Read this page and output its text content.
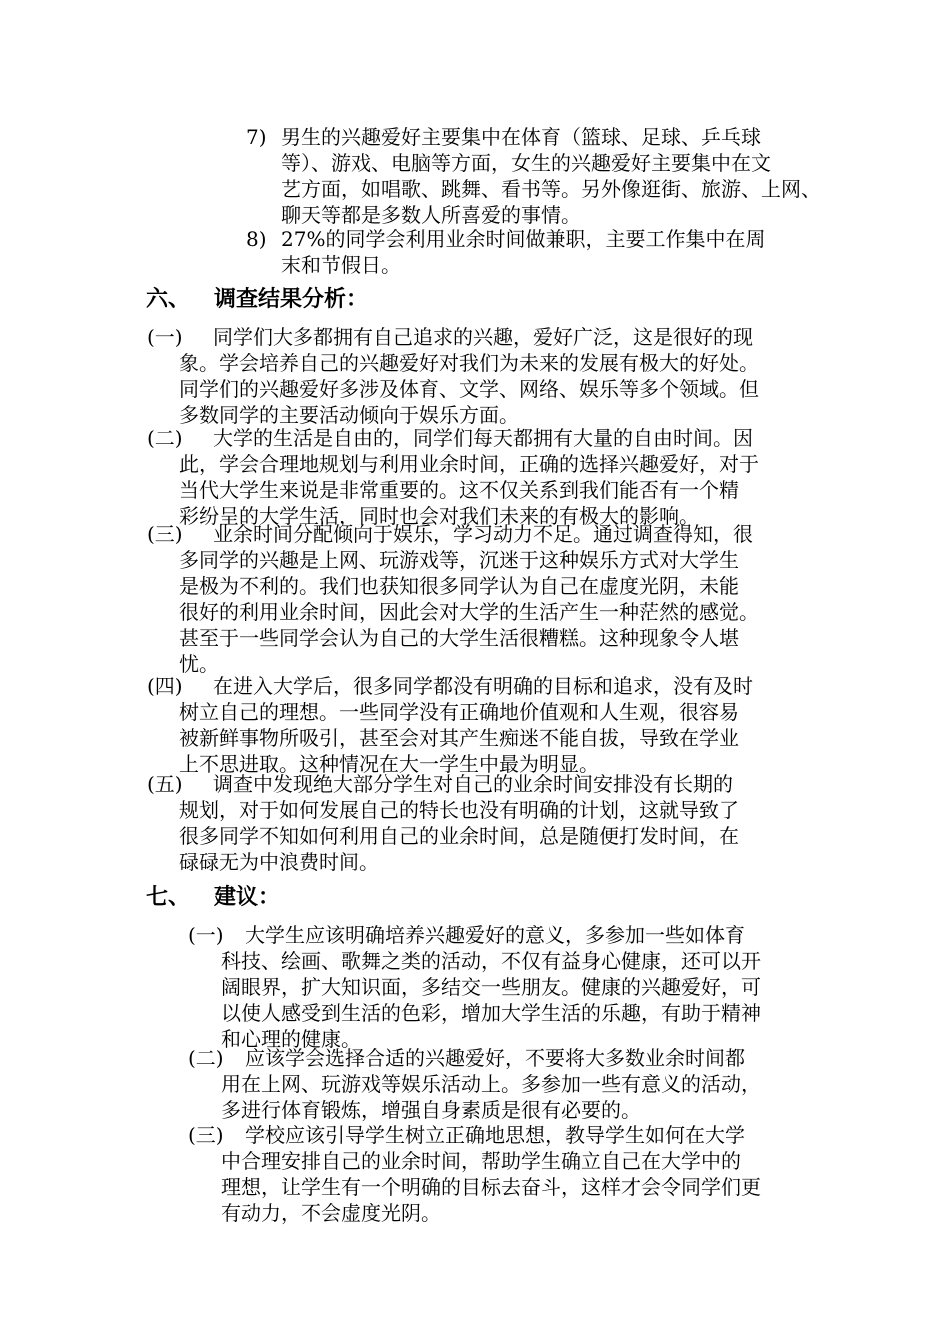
7) 男生的兴趣爱好主要集中在体育（篮球、足球、乒乓球
等）、游戏、电脑等方面，女生的兴趣爱好主要集中在文
艺方面，如唱歌、跳舞、看书等。另外像逛街、旅游、上网、
聊天等都是多数人所喜爱的事情。
8) 27%的同学会利用业余时间做兼职，主要工作集中在周
末和节假日。
六、 调查结果分析：
(一) 同学们大多都拥有自己追求的兴趣，爱好广泛，这是很好的现
象。学会培养自己的兴趣爱好对我们为未来的发展有极大的好处。
同学们的兴趣爱好多涉及体育、文学、网络、娱乐等多个领域。但
多数同学的主要活动倾向于娱乐方面。
(二) 大学的生活是自由的，同学们每天都拥有大量的自由时间。因
此，学会合理地规划与利用业余时间，正确的选择兴趣爱好，对于
当代大学生来说是非常重要的。这不仅关系到我们能否有一个精
彩纷呈的大学生活，同时也会对我们未来的有极大的影响。
(三) 业余时间分配倾向于娱乐，学习动力不足。通过调查得知，很
多同学的兴趣是上网、玩游戏等，沉迷于这种娱乐方式对大学生
是极为不利的。我们也获知很多同学认为自己在虚度光阴，未能
很好的利用业余时间，因此会对大学的生活产生一种茫然的感觉。
甚至于一些同学会认为自己的大学生活很糟糕。这种现象令人堪
忧。
(四) 在进入大学后，很多同学都没有明确的目标和追求，没有及时
树立自己的理想。一些同学没有正确地价值观和人生观，很容易
被新鲜事物所吸引，甚至会对其产生痴迷不能自拔，导致在学业
上不思进取。这种情况在大一学生中最为明显。
(五) 调查中发现绝大部分学生对自己的业余时间安排没有长期的
规划，对于如何发展自己的特长也没有明确的计划，这就导致了
很多同学不知如何利用自己的业余时间，总是随便打发时间，在
碌碌无为中浪费时间。
七、 建议：
(一) 大学生应该明确培养兴趣爱好的意义，多参加一些如体育
科技、绘画、歌舞之类的活动，不仅有益身心健康，还可以开
阔眼界，扩大知识面，多结交一些朋友。健康的兴趣爱好，可
以使人感受到生活的色彩，增加大学生活的乐趣，有助于精神
和心理的健康。
(二) 应该学会选择合适的兴趣爱好，不要将大多数业余时间都
用在上网、玩游戏等娱乐活动上。多参加一些有意义的活动，
多进行体育锻炼，增强自身素质是很有必要的。
(三) 学校应该引导学生树立正确地思想，教导学生如何在大学
中合理安排自己的业余时间，帮助学生确立自己在大学中的
理想，让学生有一个明确的目标去奋斗，这样才会令同学们更
有动力，不会虚度光阴。
